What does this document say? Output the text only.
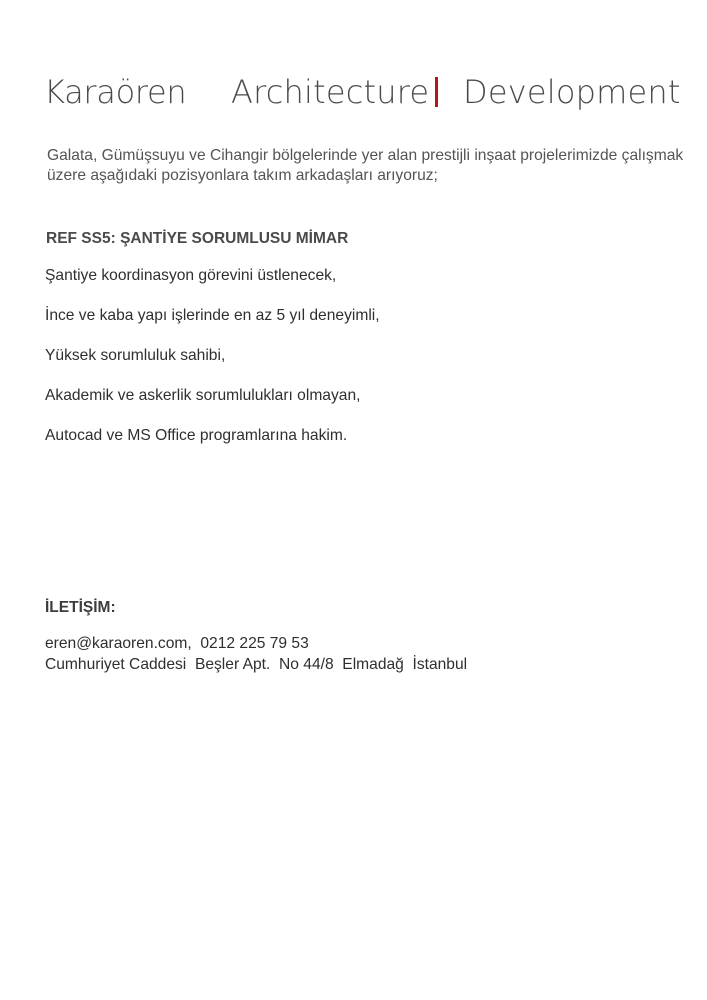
Karaören Architecture Development
Galata, Gümüşsuyu ve Cihangir bölgelerinde yer alan prestijli inşaat projelerimizde çalışmak üzere aşağıdaki pozisyonlara takım arkadaşları arıyoruz;
REF SS5: ŞANTİYE SORUMLUSU MİMAR
Şantiye koordinasyon görevini üstlenecek,
İnce ve kaba yapı işlerinde en az 5 yıl deneyimli,
Yüksek sorumluluk sahibi,
Akademik ve askerlik sorumlulukları olmayan,
Autocad ve MS Office programlarına hakim.
İLETİŞİM:
eren@karaoren.com,  0212 225 79 53
Cumhuriyet Caddesi  Beşler Apt.  No 44/8  Elmadağ  İstanbul
